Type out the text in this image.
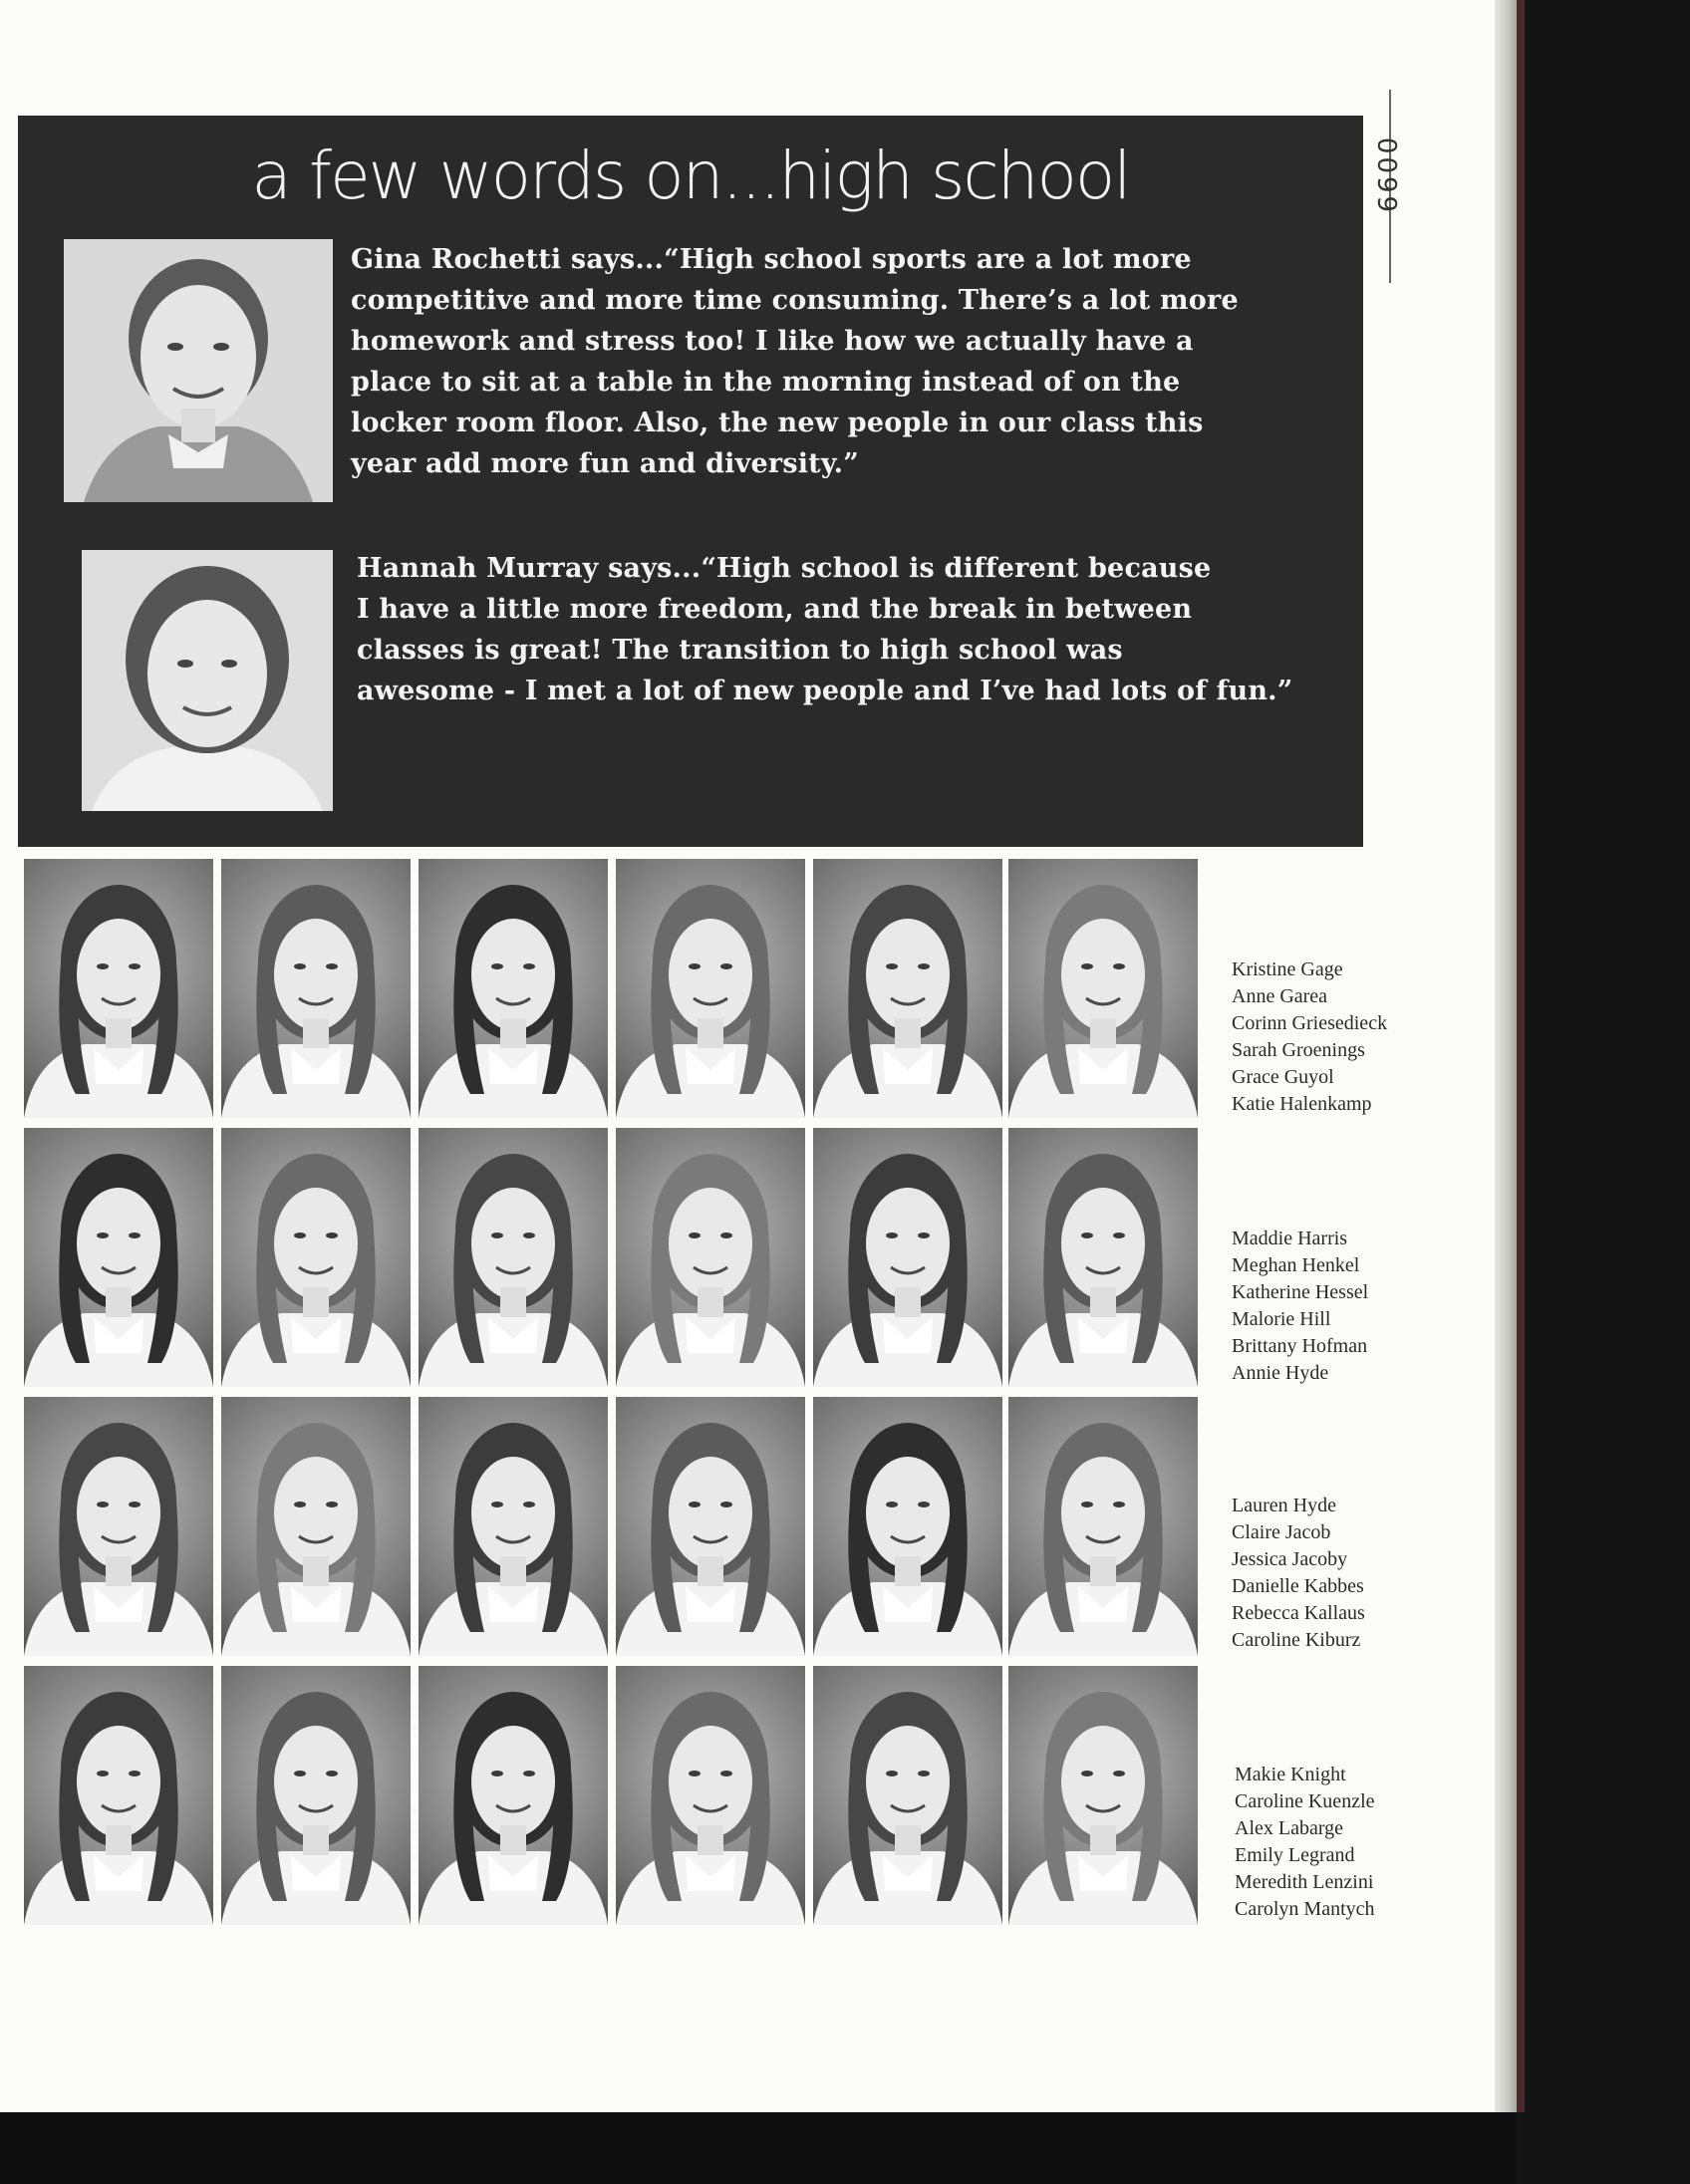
0099
a few words on...high school
Gina Rochetti says...“High school sports are a lot more
competitive and more time consuming. There’s a lot more
homework and stress too! I like how we actually have a
place to sit at a table in the morning instead of on the
locker room floor. Also, the new people in our class this
year add more fun and diversity.”
Hannah Murray says...“High school is different because
I have a little more freedom, and the break in between
classes is great! The transition to high school was
awesome - I met a lot of new people and I’ve had lots of fun.”
Kristine Gage
Anne Garea
Corinn Griesedieck
Sarah Groenings
Grace Guyol
Katie Halenkamp
Maddie Harris
Meghan Henkel
Katherine Hessel
Malorie Hill
Brittany Hofman
Annie Hyde
Lauren Hyde
Claire Jacob
Jessica Jacoby
Danielle Kabbes
Rebecca Kallaus
Caroline Kiburz
Makie Knight
Caroline Kuenzle
Alex Labarge
Emily Legrand
Meredith Lenzini
Carolyn Mantych
